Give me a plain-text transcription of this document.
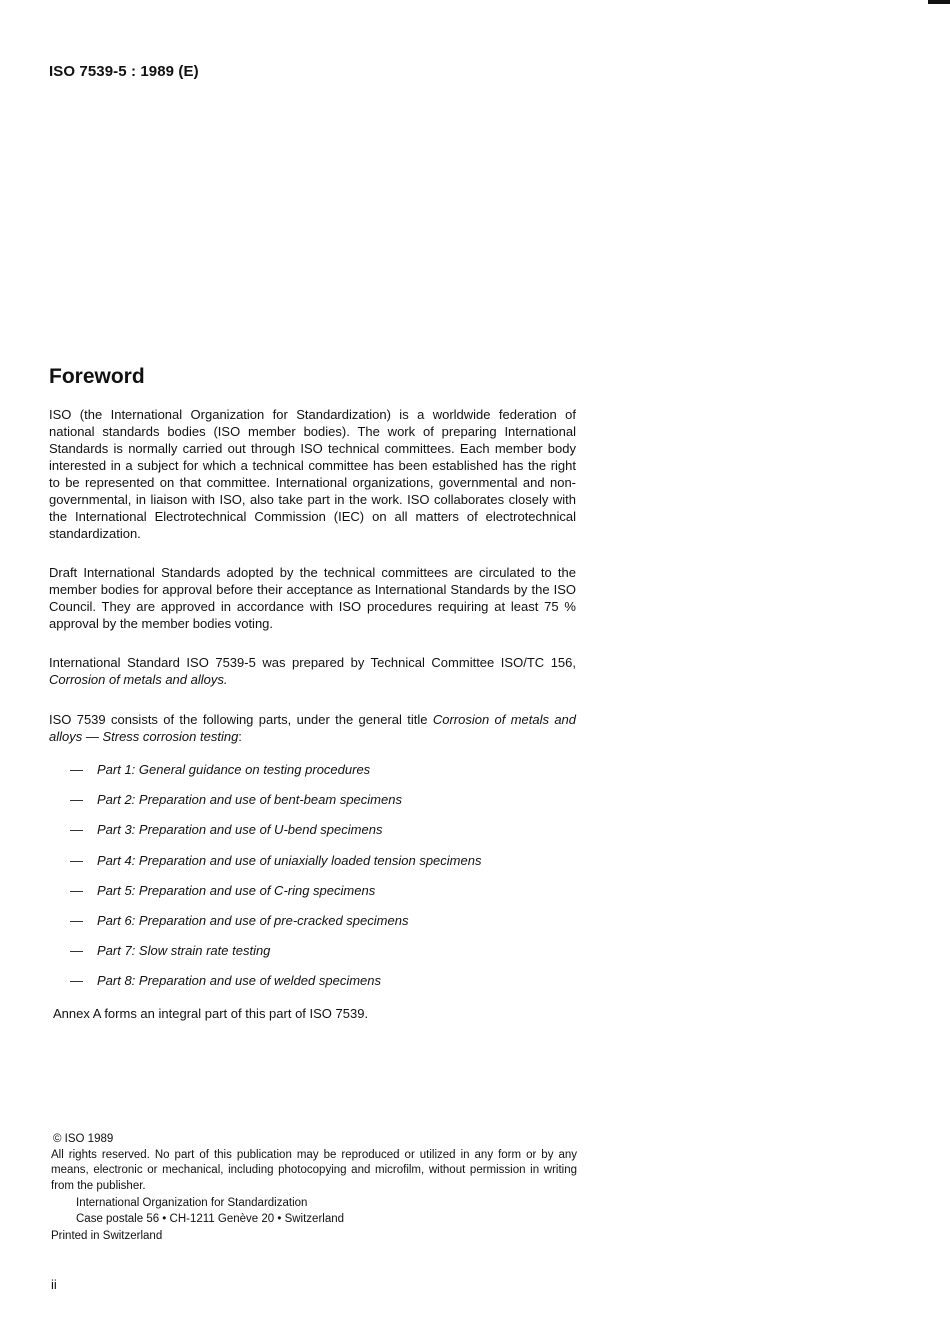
ISO 7539-5 : 1989 (E)
Foreword
ISO (the International Organization for Standardization) is a worldwide federation of national standards bodies (ISO member bodies). The work of preparing International Standards is normally carried out through ISO technical committees. Each member body interested in a subject for which a technical committee has been established has the right to be represented on that committee. International organizations, governmental and non-governmental, in liaison with ISO, also take part in the work. ISO collaborates closely with the International Electrotechnical Commission (IEC) on all matters of electrotechnical standardization.
Draft International Standards adopted by the technical committees are circulated to the member bodies for approval before their acceptance as International Standards by the ISO Council. They are approved in accordance with ISO procedures requiring at least 75 % approval by the member bodies voting.
International Standard ISO 7539-5 was prepared by Technical Committee ISO/TC 156, Corrosion of metals and alloys.
ISO 7539 consists of the following parts, under the general title Corrosion of metals and alloys — Stress corrosion testing:
— Part 1: General guidance on testing procedures
— Part 2: Preparation and use of bent-beam specimens
— Part 3: Preparation and use of U-bend specimens
— Part 4: Preparation and use of uniaxially loaded tension specimens
— Part 5: Preparation and use of C-ring specimens
— Part 6: Preparation and use of pre-cracked specimens
— Part 7: Slow strain rate testing
— Part 8: Preparation and use of welded specimens
Annex A forms an integral part of this part of ISO 7539.
© ISO 1989
All rights reserved. No part of this publication may be reproduced or utilized in any form or by any means, electronic or mechanical, including photocopying and microfilm, without permission in writing from the publisher.
International Organization for Standardization
Case postale 56 • CH-1211 Genève 20 • Switzerland
Printed in Switzerland
ii
